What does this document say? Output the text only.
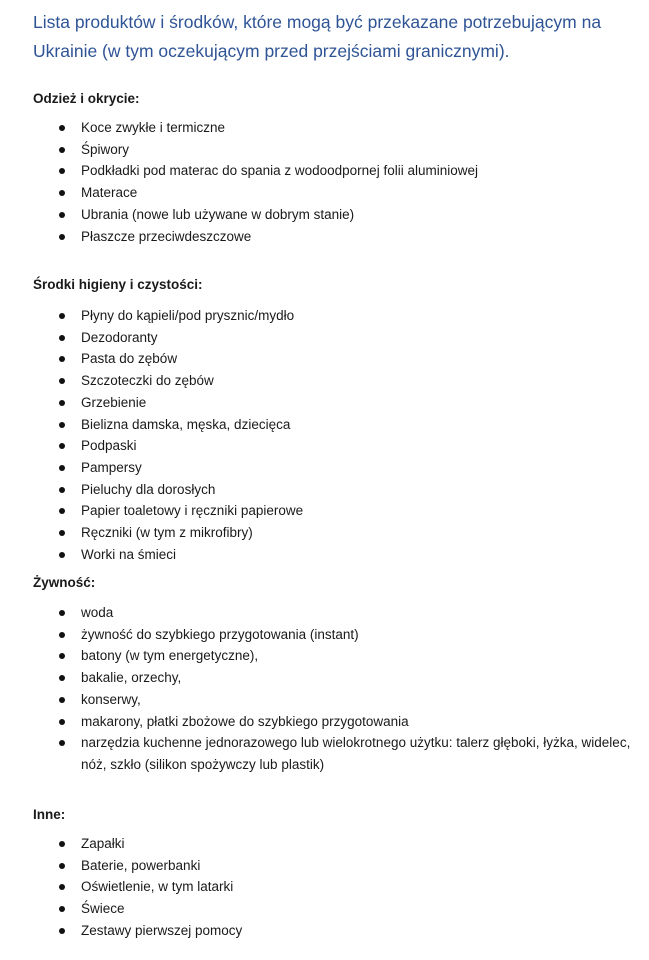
Lista produktów i środków, które mogą być przekazane potrzebującym na Ukrainie (w tym oczekującym przed przejściami granicznymi).
Odzież i okrycie:
Koce zwykłe i termiczne
Śpiwory
Podkładki pod materac do spania z wodoodpornej folii aluminiowej
Materace
Ubrania (nowe lub używane w dobrym stanie)
Płaszcze przeciwdeszczowe
Środki higieny i czystości:
Płyny do kąpieli/pod prysznic/mydło
Dezodoranty
Pasta do zębów
Szczoteczki do zębów
Grzebienie
Bielizna damska, męska, dziecięca
Podpaski
Pampersy
Pieluchy dla dorosłych
Papier toaletowy i ręczniki papierowe
Ręczniki (w tym z mikrofibry)
Worki na śmieci
Żywność:
woda
żywność do szybkiego przygotowania (instant)
batony (w tym energetyczne),
bakalie, orzechy,
konserwy,
makarony, płatki zbożowe do szybkiego przygotowania
narzędzia kuchenne jednorazowego lub wielokrotnego użytku: talerz głęboki, łyżka, widelec, nóż, szkło (silikon spożywczy lub plastik)
Inne:
Zapałki
Baterie, powerbanki
Oświetlenie, w tym latarki
Świece
Zestawy pierwszej pomocy
